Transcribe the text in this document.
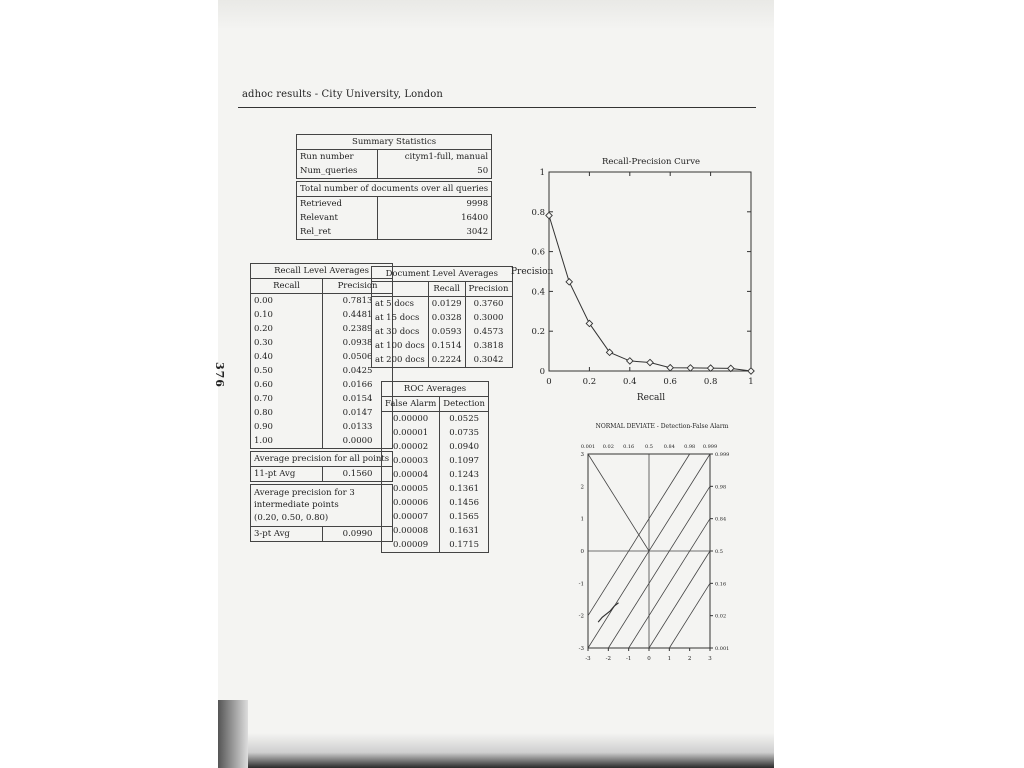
adhoc results - City University, London
376
Summary Statistics	
Run number	citym1-full, manual
Num_queries	50

Total number of documents over all queries	
Retrieved	9998
Relevant	16400
Rel_ret	3042
Recall Level Averages	
Recall	Precision
0.00	0.7813
0.10	0.4481
0.20	0.2389
0.30	0.0938
0.40	0.0506
0.50	0.0425
0.60	0.0166
0.70	0.0154
0.80	0.0147
0.90	0.0133
1.00	0.0000

Average precision for all points	
11-pt Avg	0.1560

Average precision for 3
intermediate points
(0.20, 0.50, 0.80)	
3-pt Avg	0.0990
Document Level Averages		
	Recall	Precision
at 5 docs	0.0129	0.3760
at 15 docs	0.0328	0.3000
at 30 docs	0.0593	0.4573
at 100 docs	0.1514	0.3818
at 200 docs	0.2224	0.3042
ROC Averages	
False Alarm	Detection
0.00000	0.0525
0.00001	0.0735
0.00002	0.0940
0.00003	0.1097
0.00004	0.1243
0.00005	0.1361
0.00006	0.1456
0.00007	0.1565
0.00008	0.1631
0.00009	0.1715
Recall-Precision Curve
Precision
Recall
0	0.2	0.4	0.6	0.8	1
0
0.2
0.4
0.6
0.8
1
NORMAL DEVIATE - Detection-False Alarm
0.001 0.02 0.16 0.5 0.84 0.98 0.999
-3	-2	-1	0	1	2	3
3
2
1
0
-1
-2
-3
0.999
0.98
0.84
0.5
0.16
0.02
0.001
